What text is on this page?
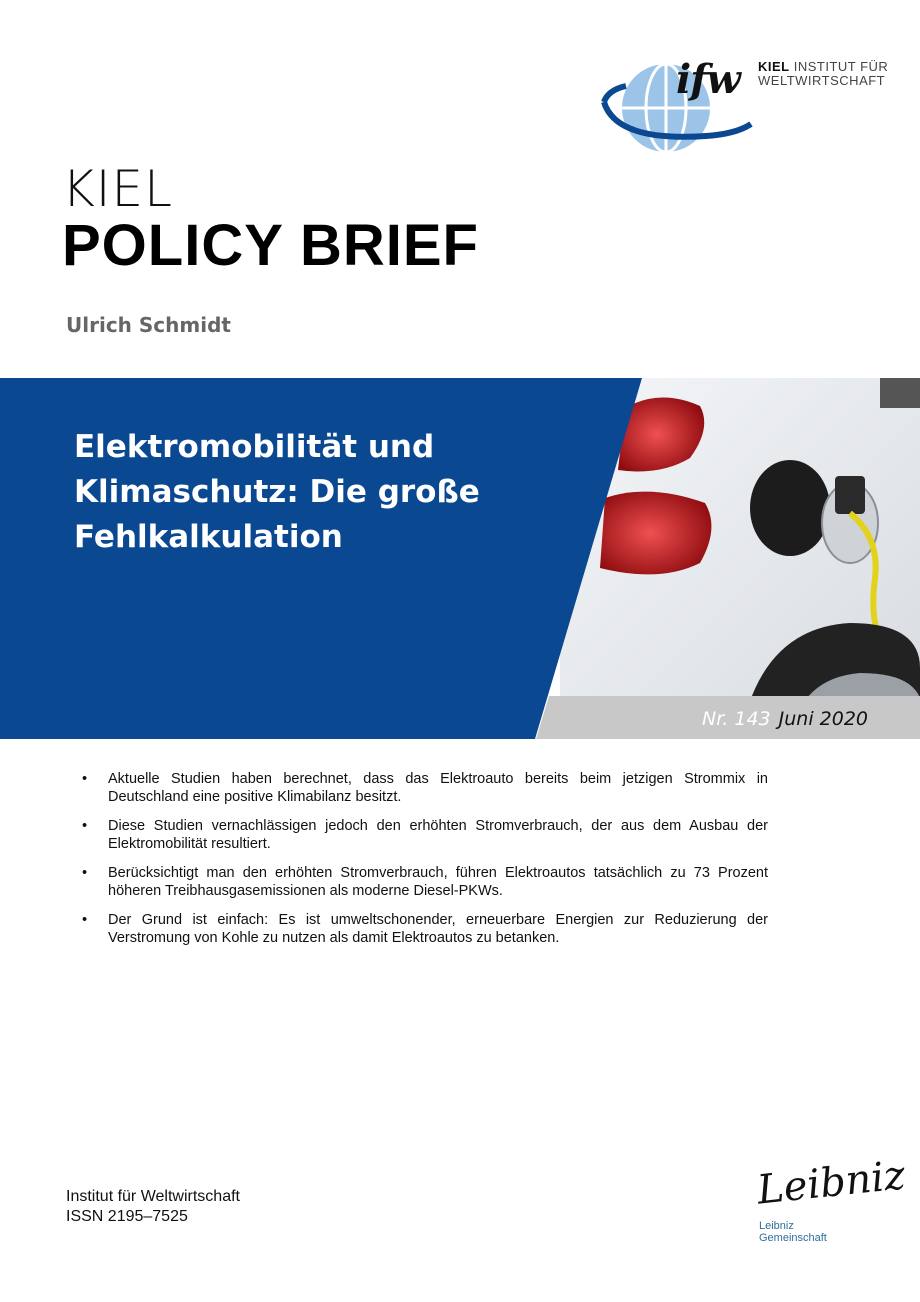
ifw KIEL INSTITUT FÜR
WELTWIRTSCHAFT
KIEL
POLICY BRIEF
Ulrich Schmidt
Elektromobilität und
Klimaschutz: Die große
Fehlkalkulation
Nr. 143 Juni 2020
• Aktuelle Studien haben berechnet, dass das Elektroauto bereits beim jetzigen Strommix in Deutschland eine positive Klimabilanz besitzt.
• Diese Studien vernachlässigen jedoch den erhöhten Stromverbrauch, der aus dem Ausbau der Elektromobilität resultiert.
• Berücksichtigt man den erhöhten Stromverbrauch, führen Elektroautos tatsächlich zu 73 Prozent höheren Treibhausgasemissionen als moderne Diesel-PKWs.
• Der Grund ist einfach: Es ist umweltschonender, erneuerbare Energien zur Reduzierung der Verstromung von Kohle zu nutzen als damit Elektroautos zu betanken.
Institut für Weltwirtschaft
ISSN 2195–7525
Leibniz
Leibniz
Gemeinschaft
